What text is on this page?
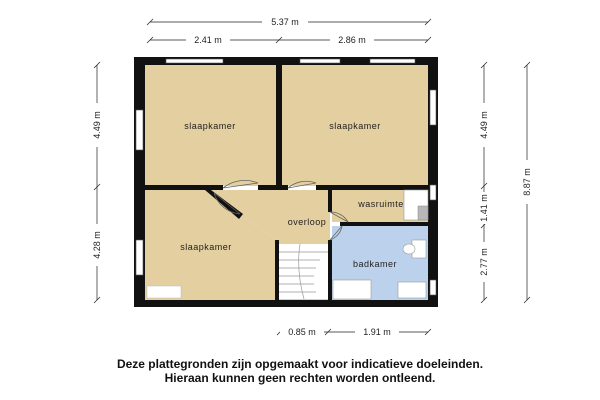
slaapkamer	slaapkamer
slaapkamer
wasruimte
overloop
badkamer
5.37 m
2.41 m	2.86 m
4.49 m
4.28 m
4.49 m
1.41 m
2.77 m
8.87 m
0.85 m	1.91 m
Deze plattegronden zijn opgemaakt voor indicatieve doeleinden.
Hieraan kunnen geen rechten worden ontleend.
